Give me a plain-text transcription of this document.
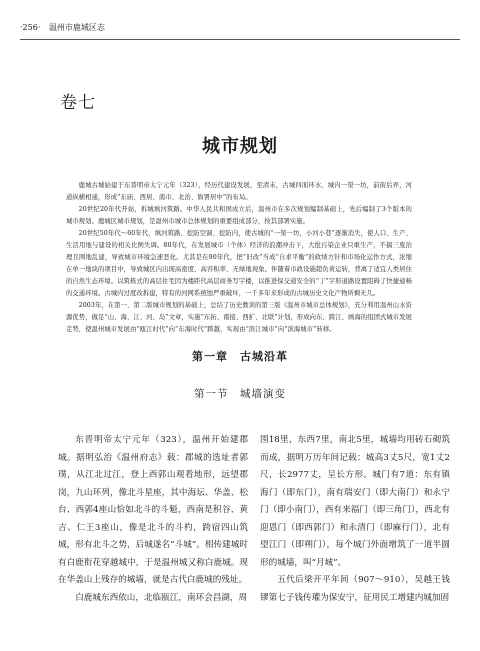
·256· 温州市鹿城区志
卷七
城市规划

鹿城古城始建于东晋明帝太宁元年（323），经历代建设发展，至清末，古城四面环水，城内一渠一坊，前街后弄，河道纵横相通，形成“东庙、西居、南市、北治、衙署居中”的布局。

20世纪20年代开始，拆城填河筑路。中华人民共和国成立后，温州市在多次规划编制基础上，先后编制了3个版本的城市规划。鹿城区城市规划，是温州市城市总体规划的重要组成部分，按其部署实施。

20世纪50年代～60年代，填河筑路、挖防空洞、挖防内，使古城的“一渠一坊，小河小巷”逐渐消失，使人口、生产、生活用地与建设的相关比例失调。80年代，在发展城市（个体）经济的浪潮冲击下，大批污染企业只重生产，不搞三废治理且围地乱建，导致城市环境急速恶化。尤其是在90年代，把“旧改”当成“自求平衡”的政绩方针和市场化运作方式，浓缩在单一地块的项目中，导致城区内出现高密度、高容积率、无绿地现象。伴随着市政设施超负荷运转，背离了适宜人类居住的自然生态环境。以筑栋式的高层住宅因为楼距代高层商务写字楼，以推进保交通安全的“丁”字形道路设置阻碍了快捷通畅的交通环境。古城内过度改拆建，特有的河网系统蚀严重破坏，一千多年来形成的古城历史文化产物所剩无几。

2003年，在第一、第二版城市规划的基础上，总结了历史教训的第三版《温州市城市总体规划》，充分利用温州山水资源优势，做足“山、海、江、河、岛”文章，实施“东拓、南接、西扩、北联”计划，形成向东、跨江、画海的组团式城市发展走势，使温州城市发展由“瓯江时代”向“东海时代”跨越，实现由“滨江城市”向“滨海城市”转移。

第一章　古城沿革
第一节　城墙演变

东晋明帝太宁元年（323），温州开始建郡城。据明弘治《温州府志》载：郡城的选址者郭璞，从江北过江，登上西郭山观看地形，远望郡岗，九山环列，像北斗星座，其中海坛、华盖、松台、西郭4座山恰如北斗的斗魁，西南是积谷、黄吉、仁王3座山，像是北斗的斗杓，跨宿四山筑城，形有北斗之势，后城遂名“斗城”。相传建城时有白鹿衔花穿越城中，于是温州城又称白鹿城。现在华盖山上残存的城墙，就是古代白鹿城的残址。

白鹿城东西依山，北临瓯江，南环会昌湖，周

围18里，东西7里，南北5里，城墙均用砖石砌筑而成，据明万历年间记载：城高3丈5尺，宽1丈2尺，长2977丈，呈长方形。城门有7道：东有镇海门（即东门），南有瑞安门（即大南门）和永宁门（即小南门），西有来福门（即三角门），西北有迎恩门（即西郭门）和永清门（即麻行门），北有望江门（即朔门），每个城门外面增筑了一道半圆形的城墙，叫“月城”。

五代后梁开平年间（907～910），吴越王钱镠第七子钱传瓘为保安宁，征用民工增建内城加固
